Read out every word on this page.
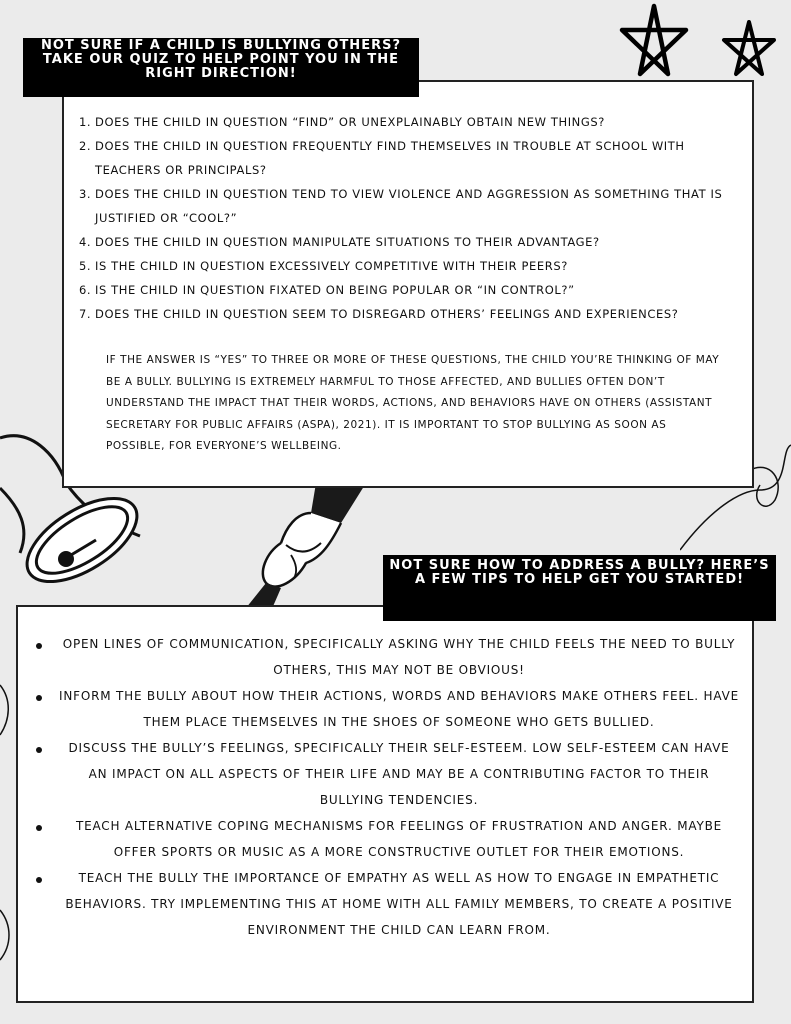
1. DOES THE CHILD IN QUESTION “FIND” OR UNEXPLAINABLY OBTAIN NEW THINGS?
2. DOES THE CHILD IN QUESTION FREQUENTLY FIND THEMSELVES IN TROUBLE AT SCHOOL WITH TEACHERS OR PRINCIPALS?
3. DOES THE CHILD IN QUESTION TEND TO VIEW VIOLENCE AND AGGRESSION AS SOMETHING THAT IS JUSTIFIED OR “COOL?”
4. DOES THE CHILD IN QUESTION MANIPULATE SITUATIONS TO THEIR ADVANTAGE?
5. IS THE CHILD IN QUESTION EXCESSIVELY COMPETITIVE WITH THEIR PEERS?
6. IS THE CHILD IN QUESTION FIXATED ON BEING POPULAR OR “IN CONTROL?”
7. DOES THE CHILD IN QUESTION SEEM TO DISREGARD OTHERS’ FEELINGS AND EXPERIENCES?

IF THE ANSWER IS “YES” TO THREE OR MORE OF THESE QUESTIONS, THE CHILD YOU’RE THINKING OF MAY BE A BULLY. BULLYING IS EXTREMELY HARMFUL TO THOSE AFFECTED, AND BULLIES OFTEN DON’T UNDERSTAND THE IMPACT THAT THEIR WORDS, ACTIONS, AND BEHAVIORS HAVE ON OTHERS (ASSISTANT SECRETARY FOR PUBLIC AFFAIRS (ASPA), 2021). IT IS IMPORTANT TO STOP BULLYING AS SOON AS POSSIBLE, FOR EVERYONE’S WELLBEING.

NOT SURE IF A CHILD IS BULLYING OTHERS? TAKE OUR QUIZ TO HELP POINT YOU IN THE RIGHT DIRECTION!
OPEN LINES OF COMMUNICATION, SPECIFICALLY ASKING WHY THE CHILD FEELS THE NEED TO BULLY OTHERS, THIS MAY NOT BE OBVIOUS!
INFORM THE BULLY ABOUT HOW THEIR ACTIONS, WORDS AND BEHAVIORS MAKE OTHERS FEEL. HAVE THEM PLACE THEMSELVES IN THE SHOES OF SOMEONE WHO GETS BULLIED.
DISCUSS THE BULLY’S FEELINGS, SPECIFICALLY THEIR SELF-ESTEEM. LOW SELF-ESTEEM CAN HAVE AN IMPACT ON ALL ASPECTS OF THEIR LIFE AND MAY BE A CONTRIBUTING FACTOR TO THEIR BULLYING TENDENCIES.
TEACH ALTERNATIVE COPING MECHANISMS FOR FEELINGS OF FRUSTRATION AND ANGER. MAYBE OFFER SPORTS OR MUSIC AS A MORE CONSTRUCTIVE OUTLET FOR THEIR EMOTIONS.
TEACH THE BULLY THE IMPORTANCE OF EMPATHY AS WELL AS HOW TO ENGAGE IN EMPATHETIC BEHAVIORS. TRY IMPLEMENTING THIS AT HOME WITH ALL FAMILY MEMBERS, TO CREATE A POSITIVE ENVIRONMENT THE CHILD CAN LEARN FROM.
NOT SURE HOW TO ADDRESS A BULLY? HERE’S A FEW TIPS TO HELP GET YOU STARTED!
